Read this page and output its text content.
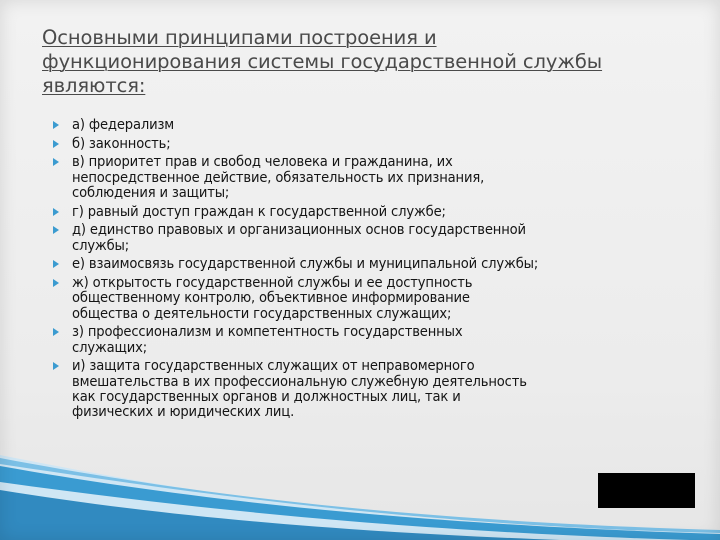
Основными принципами построения и
функционирования системы государственной службы
являются:
а) федерализм
б) законность;
в) приоритет прав и свобод человека и гражданина, их
непосредственное действие, обязательность их признания,
соблюдения и защиты;
г) равный доступ граждан к государственной службе;
д) единство правовых и организационных основ государственной
службы;
е) взаимосвязь государственной службы и муниципальной службы;
ж) открытость государственной службы и ее доступность
общественному контролю, объективное информирование
общества о деятельности государственных служащих;
з) профессионализм и компетентность государственных
служащих;
и) защита государственных служащих от неправомерного
вмешательства в их профессиональную служебную деятельность
как государственных органов и должностных лиц, так и
физических и юридических лиц.
